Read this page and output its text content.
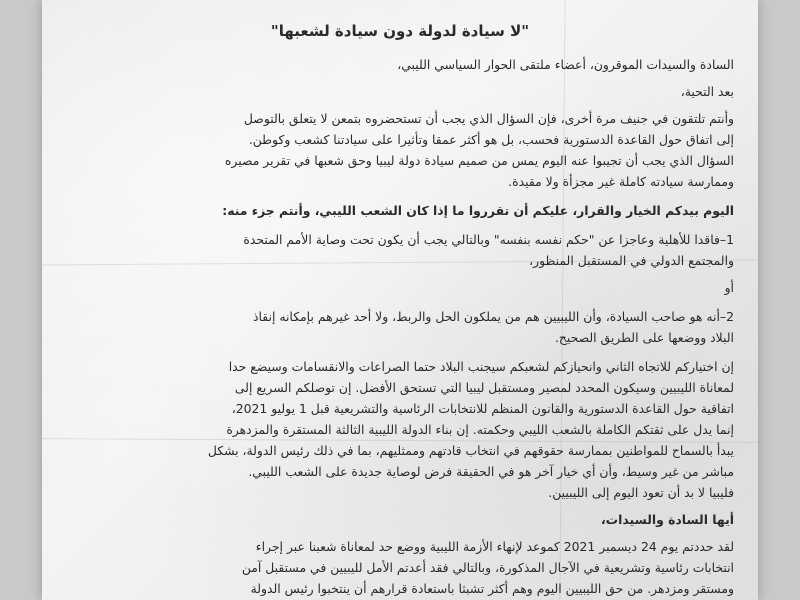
"لا سيادة لدولة دون سيادة لشعبها"

السادة والسيدات الموقرون، أعضاء ملتقى الحوار السياسي الليبي،

بعد التحية،

وأنتم تلتقون في جنيف مرة أخرى، فإن السؤال الذي يجب أن تستحضروه بتمعن لا يتعلق بالتوصل

إلى اتفاق حول القاعدة الدستورية فحسب، بل هو أكثر عمقا وتأثيرا على سيادتنا كشعب وكوطن.

السؤال الذي يجب أن تجيبوا عنه اليوم يمس من صميم سيادة دولة ليبيا وحق شعبها في تقرير مصيره

وممارسة سيادته كاملة غير مجزأة ولا مقيدة.

اليوم بيدكم الخيار والقرار، عليكم أن تقرروا ما إذا كان الشعب الليبي، وأنتم جزء منه:

1–فاقدا للأهلية وعاجزا عن "حكم نفسه بنفسه" وبالتالي يجب أن يكون تحت وصاية الأمم المتحدة

والمجتمع الدولي في المستقبل المنظور،

أو

2–أنه هو صاحب السيادة، وأن الليبيين هم من يملكون الحل والربط، ولا أحد غيرهم بإمكانه إنقاذ

البلاد ووضعها على الطريق الصحيح.

إن اختياركم للاتجاه الثاني وانحيازكم لشعبكم سيجنب البلاد حتما الصراعات والانقسامات وسيضع حدا

لمعاناة الليبيين وسيكون المحدد لمصير ومستقبل ليبيا التي تستحق الأفضل. إن توصلكم السريع إلى

اتفاقية حول القاعدة الدستورية والقانون المنظم للانتخابات الرئاسية والتشريعية قبل 1 يوليو 2021،

إنما يدل على ثقتكم الكاملة بالشعب الليبي وحكمته. إن بناء الدولة الليبية الثالثة المستقرة والمزدهرة

يبدأ بالسماح للمواطنين بممارسة حقوقهم في انتخاب قادتهم وممثليهم، بما في ذلك رئيس الدولة، بشكل

مباشر من غير وسيط، وأن أي خيار آخر هو في الحقيقة فرض لوصاية جديدة على الشعب الليبي.

فليبيا لا بد أن تعود اليوم إلى الليبيين.

أيها السادة والسيدات،

لقد حددتم يوم 24 ديسمبر 2021 كموعد لإنهاء الأزمة الليبية ووضع حد لمعاناة شعبنا عبر إجراء

انتخابات رئاسية وتشريعية في الآجال المذكورة، وبالتالي فقد أعدتم الأمل لليبيين في مستقبل آمن

ومستقر ومزدهر. من حق الليبيين اليوم وهم أكثر تشبثا باستعادة قرارهم أن ينتخبوا رئيس الدولة
